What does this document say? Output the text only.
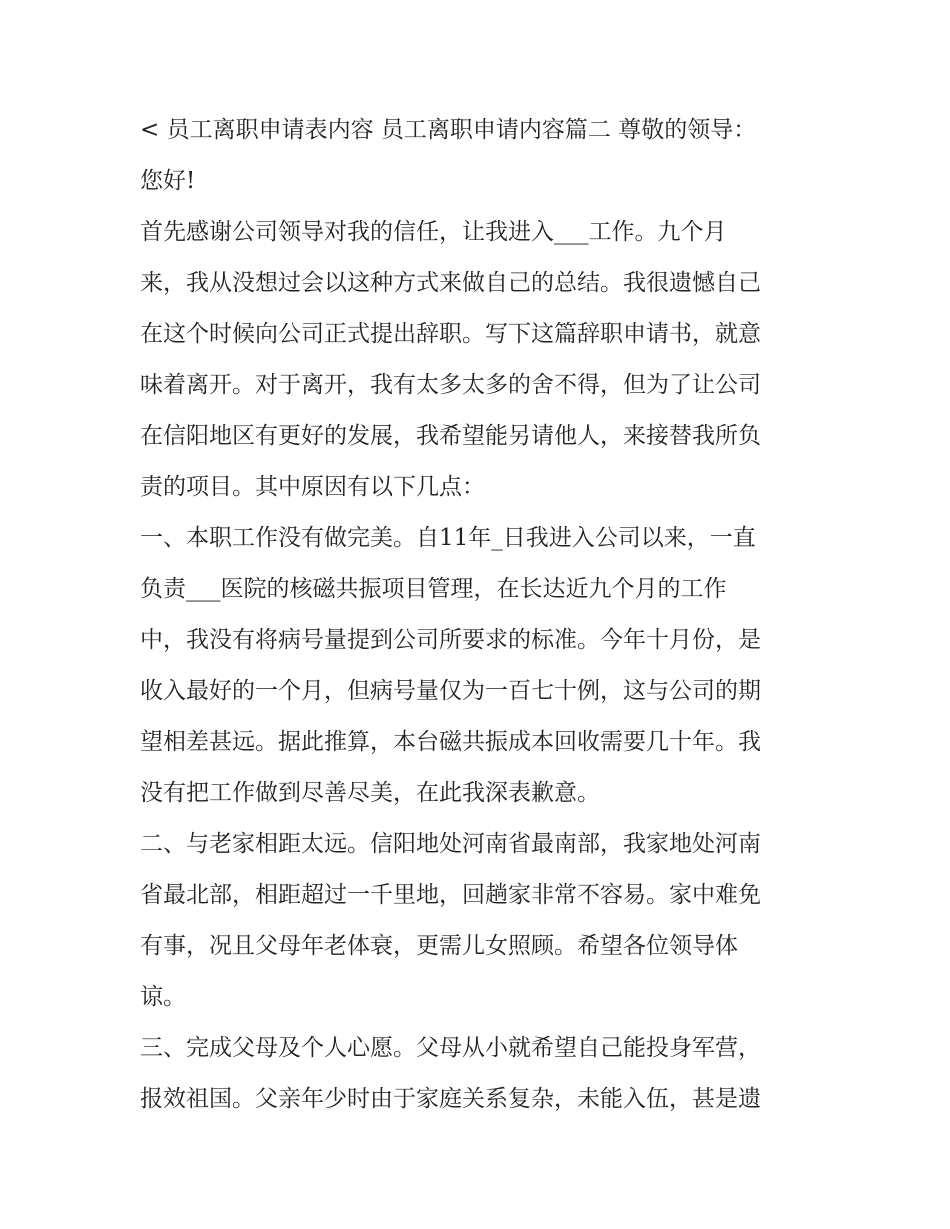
< 员工离职申请表内容 员工离职申请内容篇二 尊敬的领导：
您好!
首先感谢公司领导对我的信任，让我进入___工作。九个月
来，我从没想过会以这种方式来做自己的总结。我很遗憾自己
在这个时候向公司正式提出辞职。写下这篇辞职申请书，就意
味着离开。对于离开，我有太多太多的舍不得，但为了让公司
在信阳地区有更好的发展，我希望能另请他人，来接替我所负
责的项目。其中原因有以下几点：
一、本职工作没有做完美。自11年_日我进入公司以来，一直
负责___医院的核磁共振项目管理，在长达近九个月的工作
中，我没有将病号量提到公司所要求的标准。今年十月份，是
收入最好的一个月，但病号量仅为一百七十例，这与公司的期
望相差甚远。据此推算，本台磁共振成本回收需要几十年。我
没有把工作做到尽善尽美，在此我深表歉意。
二、与老家相距太远。信阳地处河南省最南部，我家地处河南
省最北部，相距超过一千里地，回趟家非常不容易。家中难免
有事，况且父母年老体衰，更需儿女照顾。希望各位领导体
谅。
三、完成父母及个人心愿。父母从小就希望自己能投身军营，
报效祖国。父亲年少时由于家庭关系复杂，未能入伍，甚是遗
